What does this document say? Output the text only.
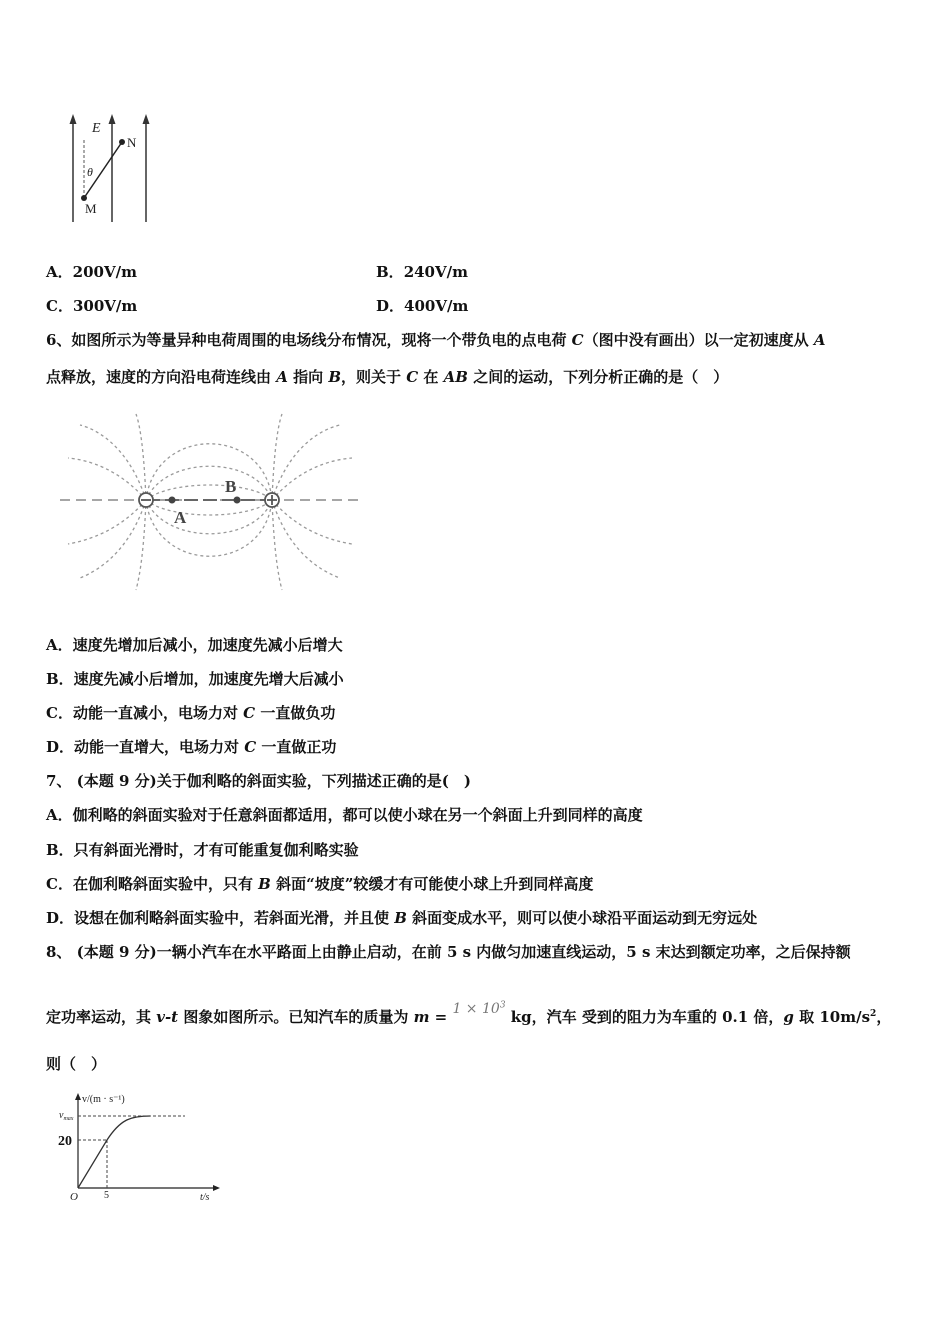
E
N
M
θ
A．200V/m	B．240V/m
C．300V/m	D．400V/m
6、如图所示为等量异种电荷周围的电场线分布情况，现将一个带负电的点电荷 C（图中没有画出）以一定初速度从 A
点释放，速度的方向沿电荷连线由 A 指向 B，则关于 C 在 AB 之间的运动，下列分析正确的是（　）
A
B
A．速度先增加后减小，加速度先减小后增大
B．速度先减小后增加，加速度先增大后减小
C．动能一直减小，电场力对 C 一直做负功
D．动能一直增大，电场力对 C 一直做正功
7、 (本题 9 分)关于伽利略的斜面实验，下列描述正确的是(　)
A．伽利略的斜面实验对于任意斜面都适用，都可以使小球在另一个斜面上升到同样的高度
B．只有斜面光滑时，才有可能重复伽利略实验
C．在伽利略斜面实验中，只有 B 斜面“坡度”较缓才有可能使小球上升到同样高度
D．设想在伽利略斜面实验中，若斜面光滑，并且使 B 斜面变成水平，则可以使小球沿平面运动到无穷远处
8、 (本题 9 分)一辆小汽车在水平路面上由静止启动，在前 5 s 内做匀加速直线运动，5 s 末达到额定功率，之后保持额
定功率运动，其 v-t 图象如图所示。已知汽车的质量为 $m = 1 \times 10^3$ kg，汽车 受到的阻力为车重的 0.1 倍，g 取 $10m/s^2$，
则（　）
v/(m · s⁻¹)
$v_{max}$
20
O	5	t/s
